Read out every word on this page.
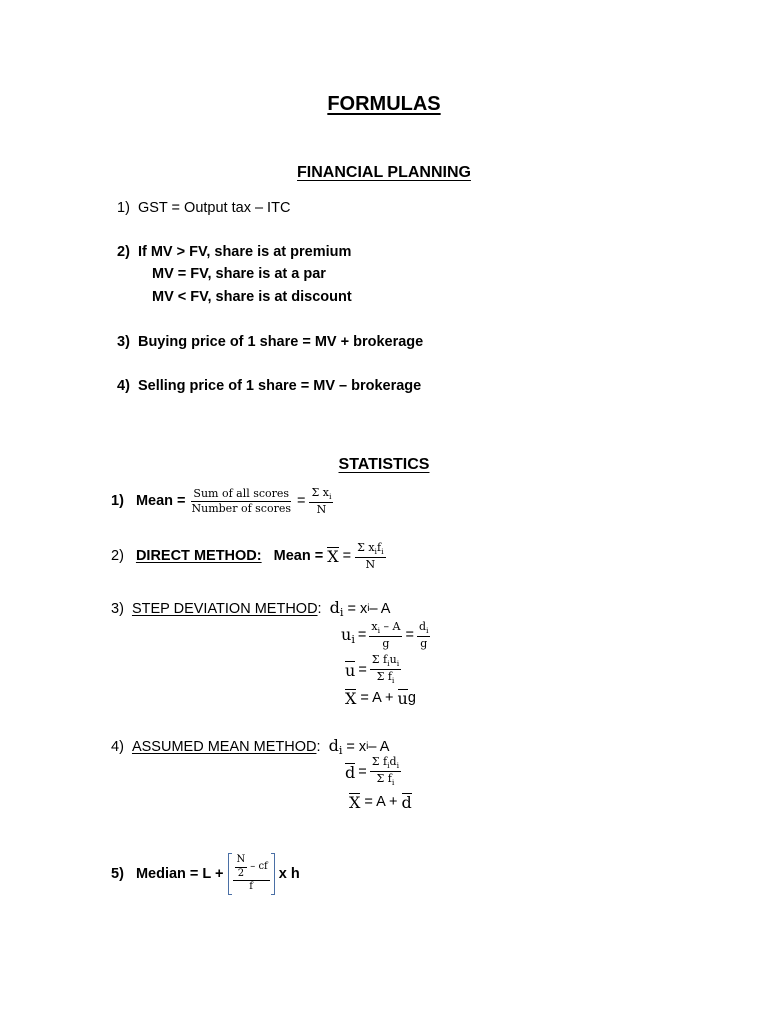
FORMULAS
FINANCIAL PLANNING
1) GST = Output tax – ITC
2) If MV > FV, share is at premium
MV = FV, share is at a par
MV < FV, share is at discount
3) Buying price of 1 share = MV + brokerage
4) Selling price of 1 share = MV – brokerage
STATISTICS
1)
Mean = $\frac{\text{Sum of all scores}}{\text{Number of scores}} = \frac{\Sigma x_i}{N}$
2)
DIRECT METHOD:
Mean = $X = \frac{\Sigma x_if_i}{N}$
3)
STEP DEVIATION METHOD :
$d_i$
= x i – A
$u_i = \frac{x_i - A}{g} = \frac{d_i}{g}$
$u = \frac{\Sigma f_iu_i}{\Sigma f_i}$
X = A + u g
4)
ASSUMED MEAN METHOD :
$d_i$
= x i – A
$d = \frac{\Sigma f_id_i}{\Sigma f_i}$
X = A + d
5)
Median = $L + \frac{\frac{N}{2} - cf}{f}$ x h
